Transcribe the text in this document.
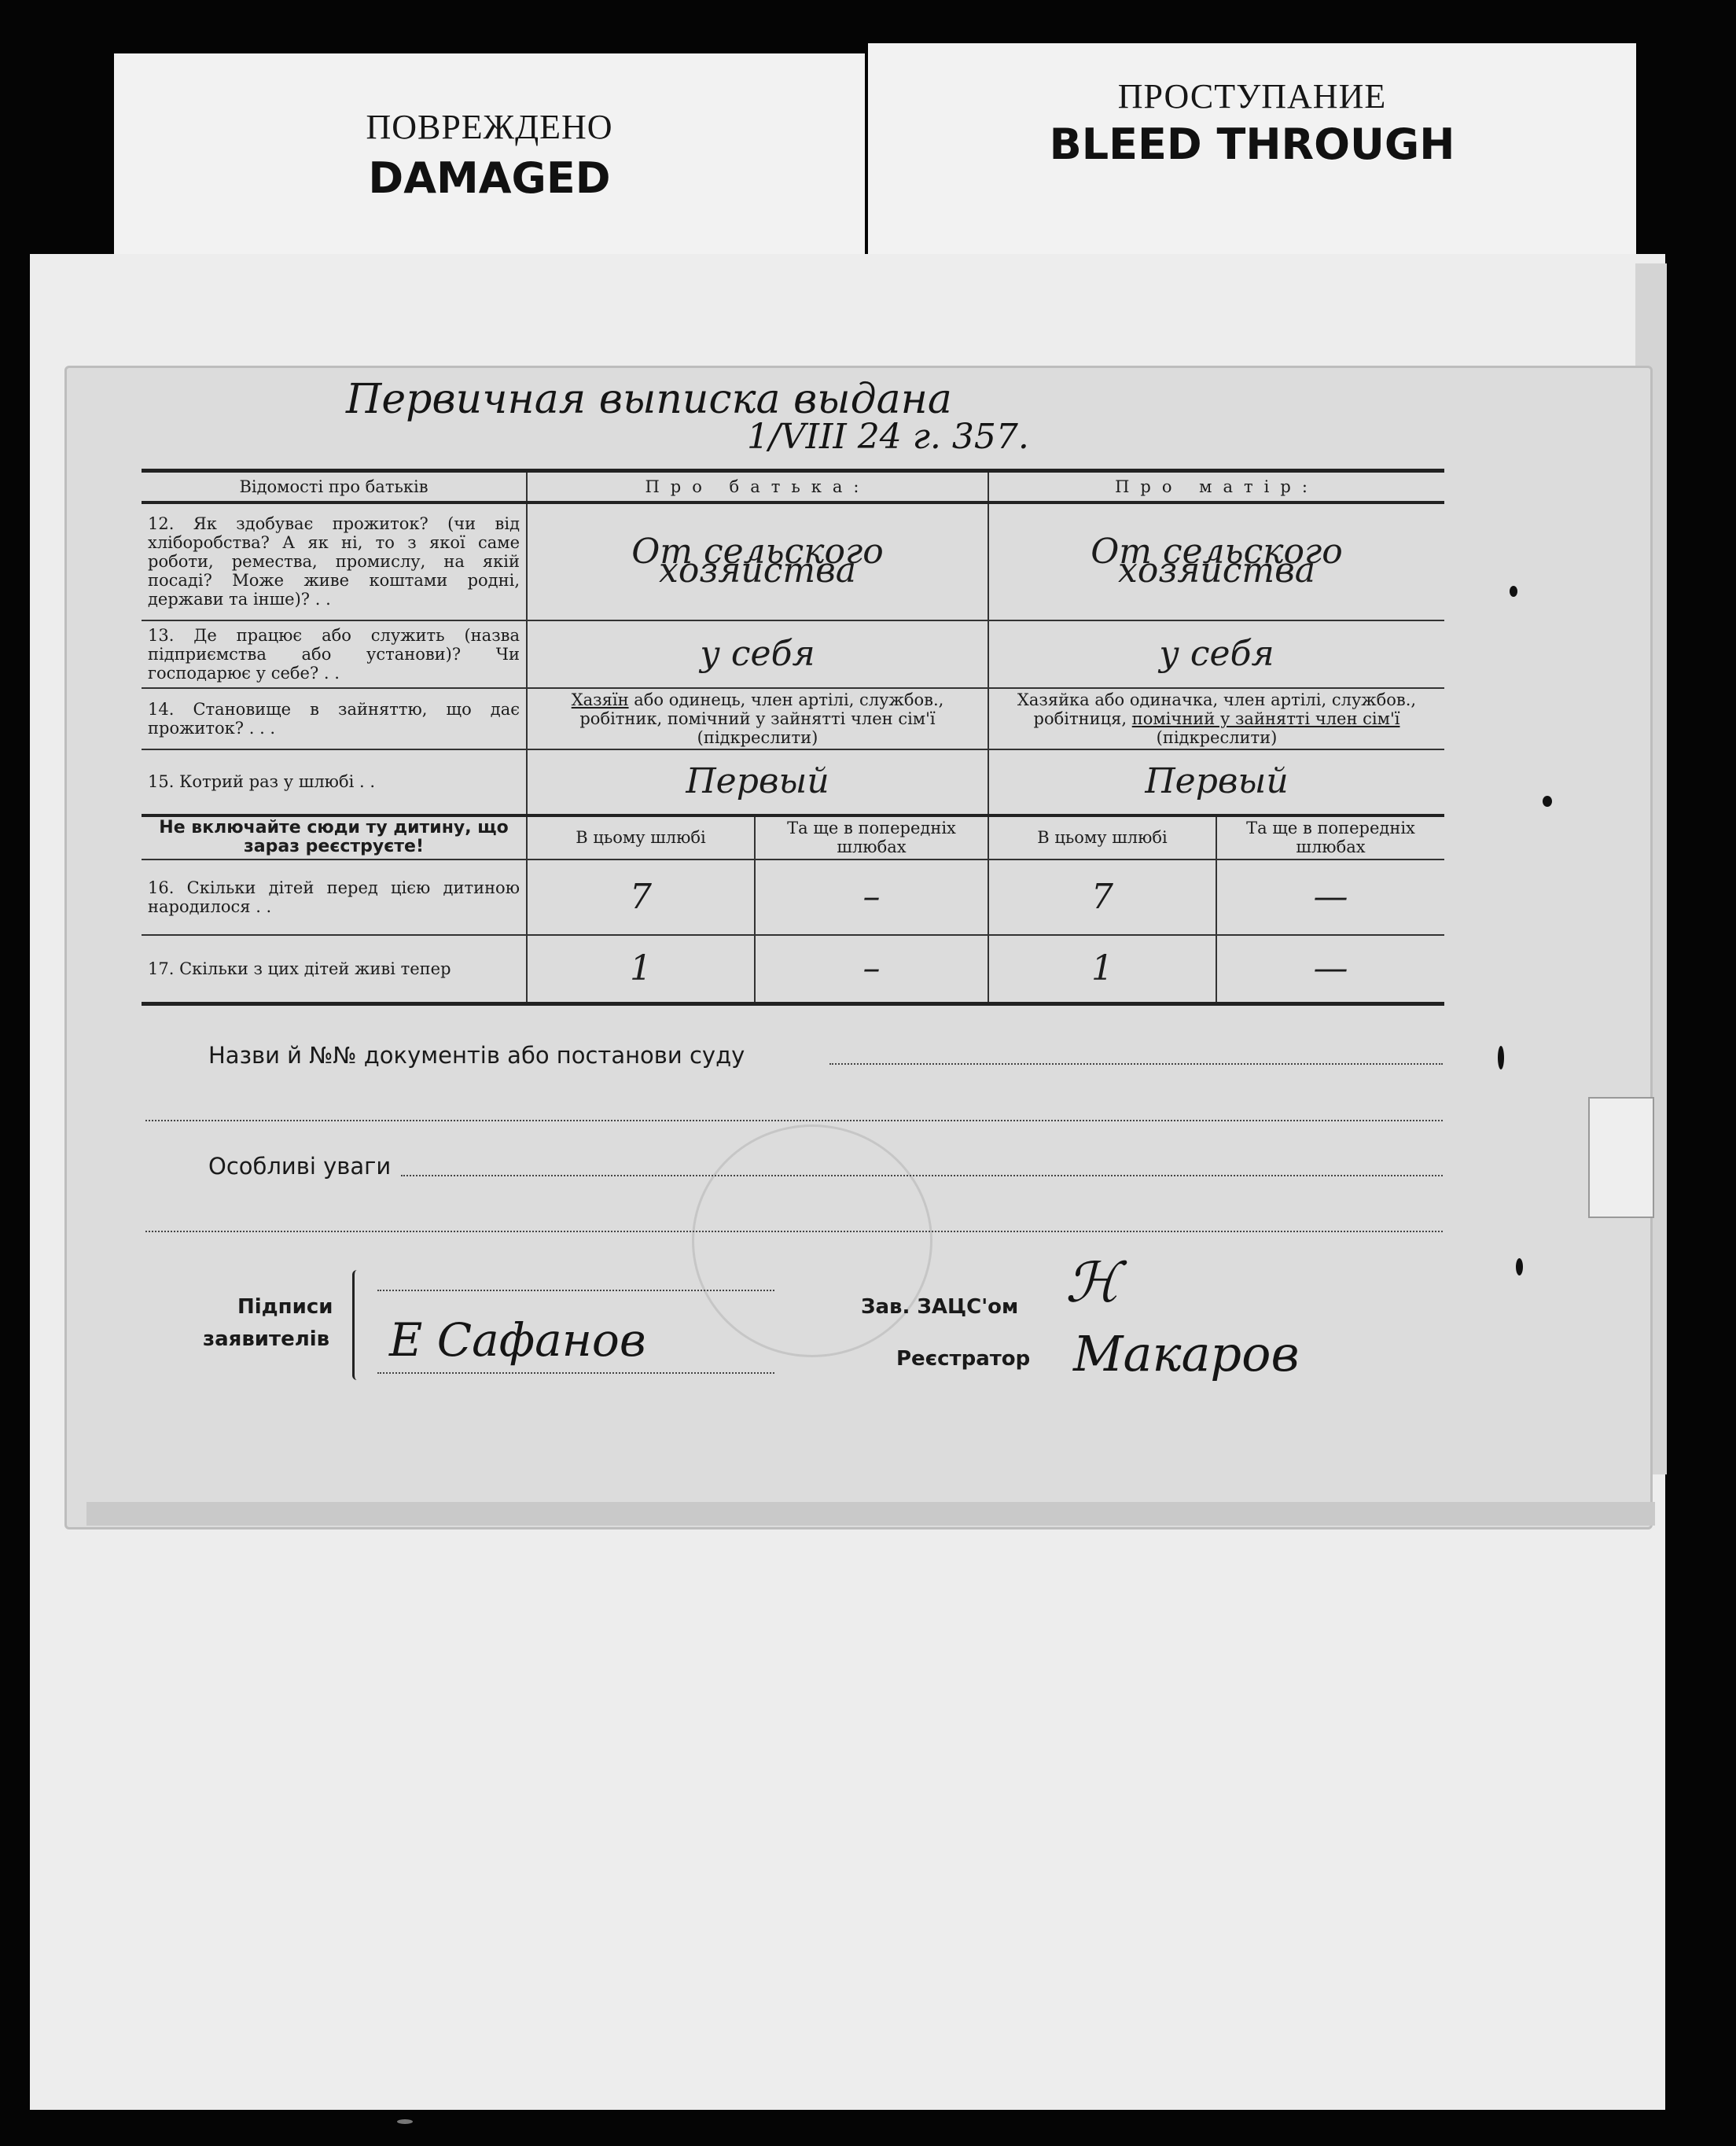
ПОВРЕЖДЕНО
DAMAGED
ПРОСТУПАНИЕ
BLEED THROUGH
Первичная выписка выдана
1/VIII 24 г. 357.
Відомості про батьків	Про батька:		Про матір:	
12. Як здобуває прожиток? (чи від хліборобства? А як ні, то з якої саме роботи, ремества, промислу, на якій посаді? Може живе коштами родні, держави та інше)? . .	От сельского хозяйства		От сельского хозяйства	
13. Де працює або служить (назва підприємства або установи)? Чи господарює у себе? . .	у себя		у себя	
14. Становище в зайняттю, що дає прожиток? . . .	Хазяїн або одинець, член артілі, службов., робітник, помічний у зайнятті член сім'ї (підкреслити)		Хазяйка або одиначка, член артілі, службов., робітниця, помічний у зайнятті член сім'ї (підкреслити)	
15. Котрий раз у шлюбі . .	Первый		Первый	
Не включайте сюди ту дитину, що зараз реєструєте!	В цьому шлюбі	Та ще в попередніх шлюбах	В цьому шлюбі	Та ще в попередніх шлюбах
16. Скільки дітей перед цією дитиною народилося . .	7	–	7	—
17. Скільки з цих дітей живі тепер	1	–	1	—
Назви й №№ документів або постанови суду
Особливі уваги
Підписи
заявителів Е Сафанов
Зав. ЗАЦС'ом
Реєстратор
ℋ
Макаров
